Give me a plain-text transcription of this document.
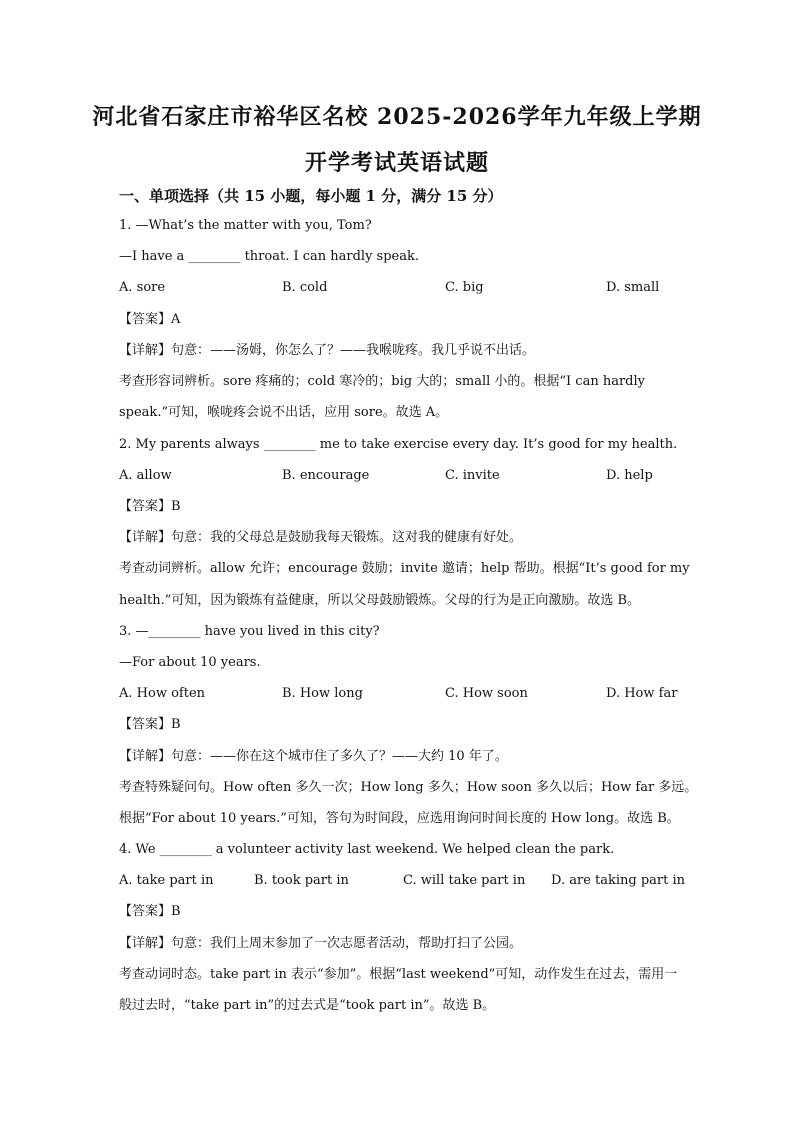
河北省石家庄市裕华区名校 2025-2026学年九年级上学期
开学考试英语试题

一、单项选择（共 15 小题，每小题 1 分，满分 15 分）

1. —What’s the matter with you, Tom?

—I have a ________ throat. I can hardly speak.

A. sore	B. cold	C. big	D. small

【答案】A

【详解】句意：——汤姆，你怎么了？——我喉咙疼。我几乎说不出话。

考查形容词辨析。sore 疼痛的；cold 寒冷的；big 大的；small 小的。根据“I can hardly

speak.”可知，喉咙疼会说不出话，应用 sore。故选 A。

2. My parents always ________ me to take exercise every day. It’s good for my health.

A. allow	B. encourage	C. invite	D. help

【答案】B

【详解】句意：我的父母总是鼓励我每天锻炼。这对我的健康有好处。

考查动词辨析。allow 允许；encourage 鼓励；invite 邀请；help 帮助。根据“It’s good for my

health.”可知，因为锻炼有益健康，所以父母鼓励锻炼。父母的行为是正向激励。故选 B。

3. —________ have you lived in this city?

—For about 10 years.

A. How often	B. How long	C. How soon	D. How far

【答案】B

【详解】句意：——你在这个城市住了多久了？——大约 10 年了。

考查特殊疑问句。How often 多久一次；How long 多久；How soon 多久以后；How far 多远。

根据“For about 10 years.”可知，答句为时间段，应选用询问时间长度的 How long。故选 B。

4. We ________ a volunteer activity last weekend. We helped clean the park.

A. take part in	B. took part in	C. will take part in D. are taking part in

【答案】B

【详解】句意：我们上周末参加了一次志愿者活动，帮助打扫了公园。

考查动词时态。take part in 表示“参加”。根据“last weekend”可知，动作发生在过去，需用一

般过去时，“take part in”的过去式是“took part in”。故选 B。
